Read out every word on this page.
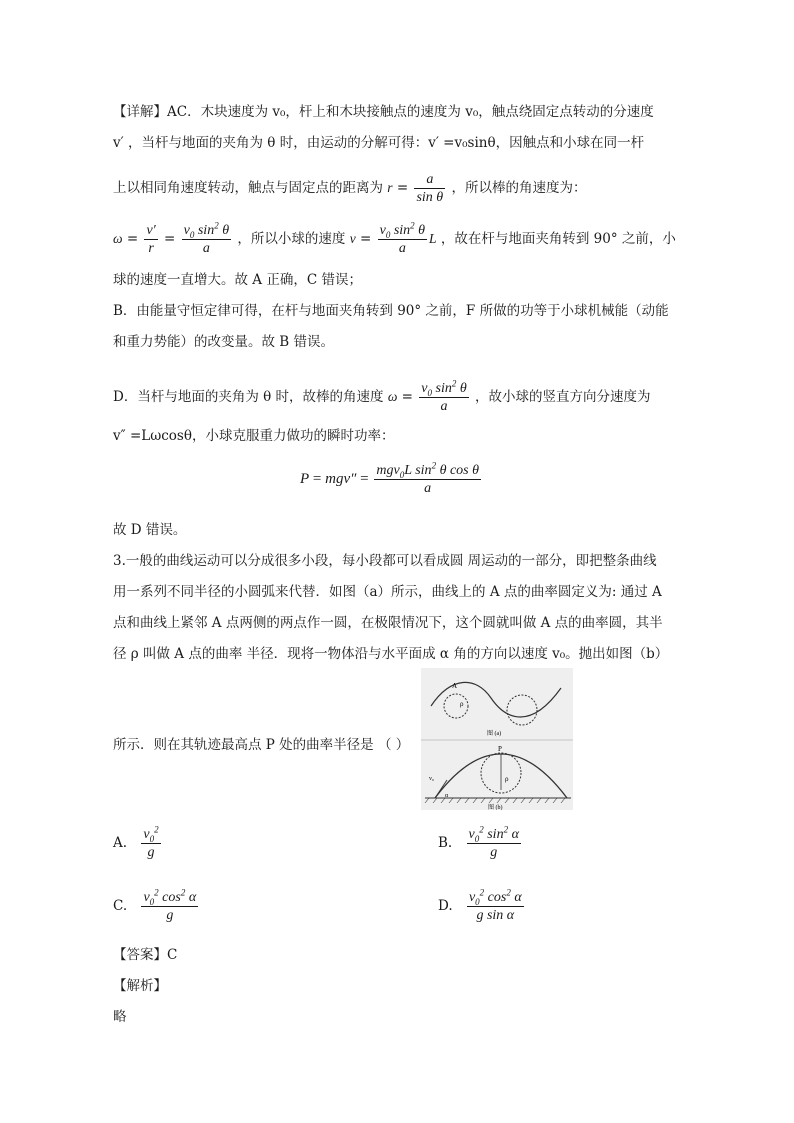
【详解】AC．木块速度为 v₀，杆上和木块接触点的速度为 v₀，触点绕固定点转动的分速度
v′ ，当杆与地面的夹角为 θ 时，由运动的分解可得：v′ =v₀sinθ，因触点和小球在同一杆
上以相同角速度转动，触点与固定点的距离为 $r = \frac{a}{\text{sin θ}}$ ，所以棒的角速度为：
$\omega = \frac{v'}{r} = \frac{v_0 \sin^2 \theta}{a}$ ，所以小球的速度 $v = \frac{v_0 \sin^2 \theta}{a}$ L ，故在杆与地面夹角转到 90° 之前，小
球的速度一直增大。故 A 正确，C 错误；
B．由能量守恒定律可得，在杆与地面夹角转到 90° 之前，F 所做的功等于小球机械能（动能
和重力势能）的改变量。故 B 错误。
D．当杆与地面的夹角为 θ 时，故棒的角速度 $\omega = \frac{v_0 \sin^2 \theta}{a}$ ，故小球的竖直方向分速度为
v″ =Lωcosθ，小球克服重力做功的瞬时功率：
$P = mgv'' = \frac{mgv_0L \sin^2 \theta \cos \theta}{a}$
故 D 错误。
3.一般的曲线运动可以分成很多小段，每小段都可以看成圆 周运动的一部分，即把整条曲线
用一系列不同半径的小圆弧来代替．如图（a）所示，曲线上的 A 点的曲率圆定义为: 通过 A
点和曲线上紧邻 A 点两侧的两点作一圆，在极限情况下，这个圆就叫做 A 点的曲率圆，其半
径 ρ 叫做 A 点的曲率 半径．现将一物体沿与水平面成 α 角的方向以速度 v₀。抛出如图（b）
所示．则在其轨迹最高点 P 处的曲率半径是 （ ）
A
ρ
图 (a)
v₀
α
P
ρ
图 (b)
A. $\frac{v_0^2}{g}$	B. $\frac{v_0^2 \sin^2 \alpha}{g}$
C. $\frac{v_0^2 \cos^2 \alpha}{g}$	D. $\frac{v_0^2 \cos^2 \alpha}{\text{g sin α}}$
【答案】C
【解析】
略
